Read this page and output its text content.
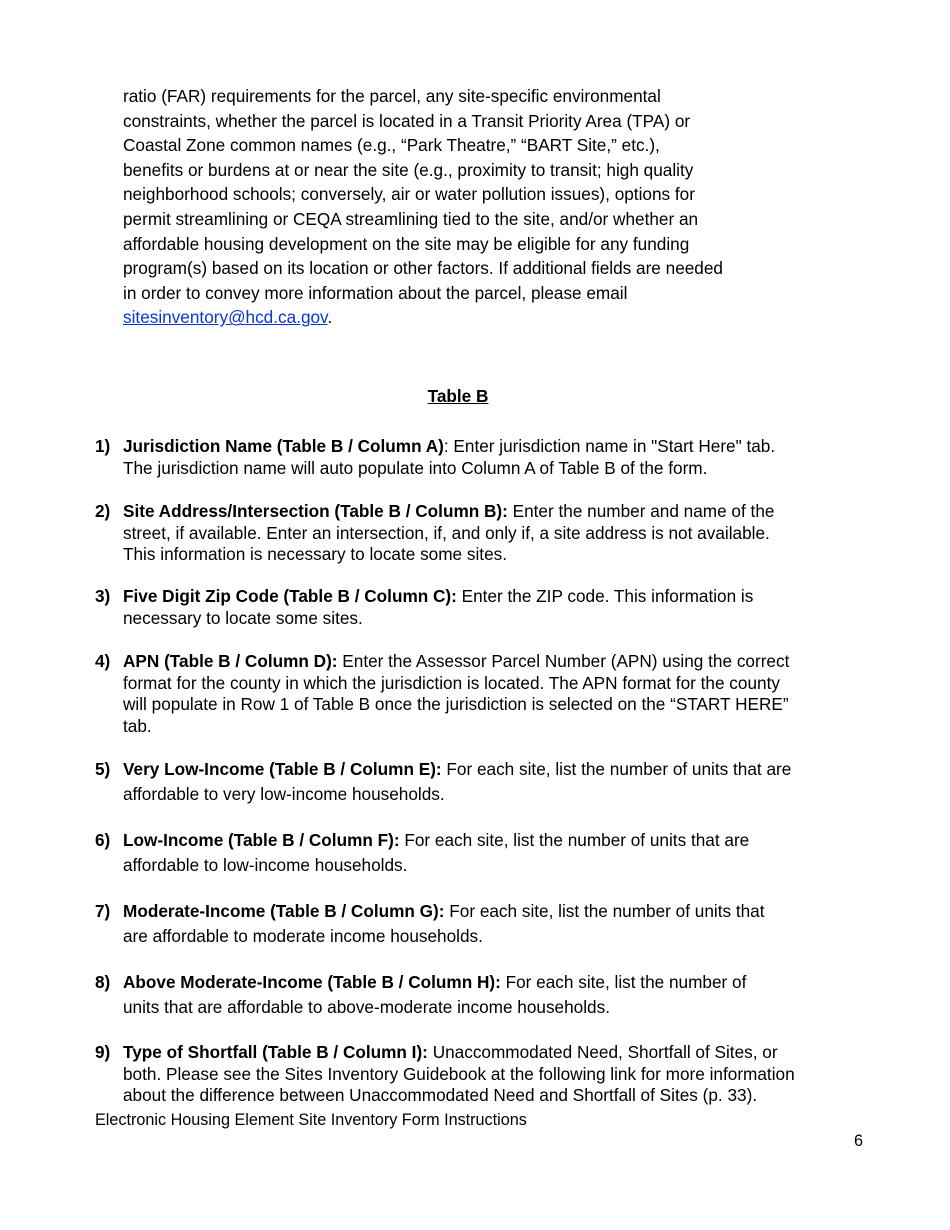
ratio (FAR) requirements for the parcel, any site-specific environmental
constraints, whether the parcel is located in a Transit Priority Area (TPA) or
Coastal Zone common names (e.g., “Park Theatre,” “BART Site,” etc.),
benefits or burdens at or near the site (e.g., proximity to transit; high quality
neighborhood schools; conversely, air or water pollution issues), options for
permit streamlining or CEQA streamlining tied to the site, and/or whether an
affordable housing development on the site may be eligible for any funding
program(s) based on its location or other factors. If additional fields are needed
in order to convey more information about the parcel, please email
sitesinventory@hcd.ca.gov.
Table B
1) Jurisdiction Name (Table B / Column A): Enter jurisdiction name in "Start Here" tab.
The jurisdiction name will auto populate into Column A of Table B of the form.
2) Site Address/Intersection (Table B / Column B): Enter the number and name of the
street, if available. Enter an intersection, if, and only if, a site address is not available.
This information is necessary to locate some sites.
3) Five Digit Zip Code (Table B / Column C): Enter the ZIP code. This information is
necessary to locate some sites.
4) APN (Table B / Column D): Enter the Assessor Parcel Number (APN) using the correct
format for the county in which the jurisdiction is located. The APN format for the county
will populate in Row 1 of Table B once the jurisdiction is selected on the “START HERE”
tab.
5) Very Low-Income (Table B / Column E): For each site, list the number of units that are
affordable to very low-income households.
6) Low-Income (Table B / Column F): For each site, list the number of units that are
affordable to low-income households.
7) Moderate-Income (Table B / Column G): For each site, list the number of units that
are affordable to moderate income households.
8) Above Moderate-Income (Table B / Column H): For each site, list the number of
units that are affordable to above-moderate income households.
9) Type of Shortfall (Table B / Column I): Unaccommodated Need, Shortfall of Sites, or
both. Please see the Sites Inventory Guidebook at the following link for more information
about the difference between Unaccommodated Need and Shortfall of Sites (p. 33).
Electronic Housing Element Site Inventory Form Instructions
6
